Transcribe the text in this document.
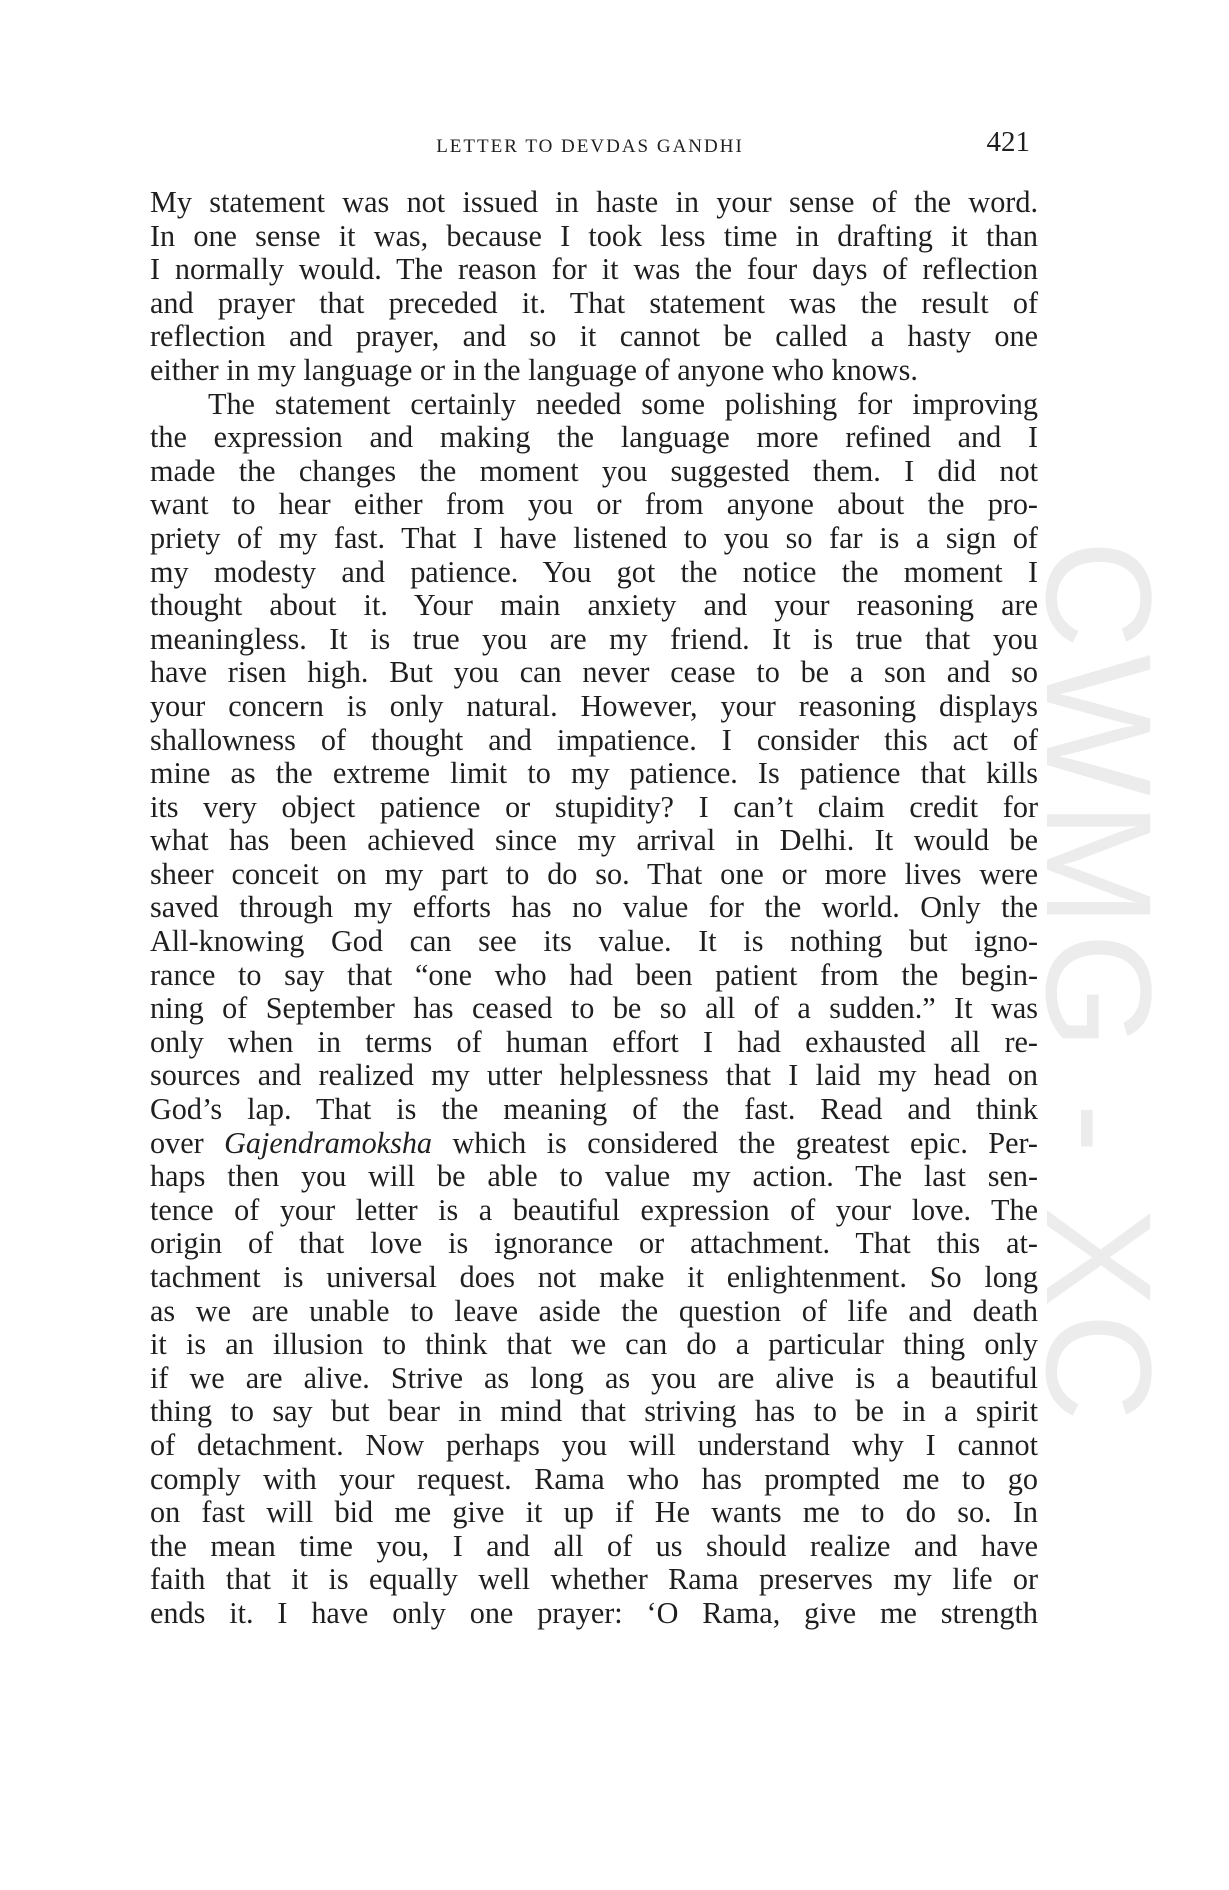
LETTER TO DEVDAS GANDHI	421
CWMG - XC
My statement was not issued in haste in your sense of the word.
In one sense it was, because I took less time in drafting it than
I normally would. The reason for it was the four days of reflection
and prayer that preceded it. That statement was the result of
reflection and prayer, and so it cannot be called a hasty one
either in my language or in the language of anyone who knows.
The statement certainly needed some polishing for improving
the expression and making the language more refined and I
made the changes the moment you suggested them. I did not
want to hear either from you or from anyone about the pro-
priety of my fast. That I have listened to you so far is a sign of
my modesty and patience. You got the notice the moment I
thought about it. Your main anxiety and your reasoning are
meaningless. It is true you are my friend. It is true that you
have risen high. But you can never cease to be a son and so
your concern is only natural. However, your reasoning displays
shallowness of thought and impatience. I consider this act of
mine as the extreme limit to my patience. Is patience that kills
its very object patience or stupidity? I can’t claim credit for
what has been achieved since my arrival in Delhi. It would be
sheer conceit on my part to do so. That one or more lives were
saved through my efforts has no value for the world. Only the
All-knowing God can see its value. It is nothing but igno-
rance to say that “one who had been patient from the begin-
ning of September has ceased to be so all of a sudden.” It was
only when in terms of human effort I had exhausted all re-
sources and realized my utter helplessness that I laid my head on
God’s lap. That is the meaning of the fast. Read and think
over Gajendramoksha which is considered the greatest epic. Per-
haps then you will be able to value my action. The last sen-
tence of your letter is a beautiful expression of your love. The
origin of that love is ignorance or attachment. That this at-
tachment is universal does not make it enlightenment. So long
as we are unable to leave aside the question of life and death
it is an illusion to think that we can do a particular thing only
if we are alive. Strive as long as you are alive is a beautiful
thing to say but bear in mind that striving has to be in a spirit
of detachment. Now perhaps you will understand why I cannot
comply with your request. Rama who has prompted me to go
on fast will bid me give it up if He wants me to do so. In
the mean time you, I and all of us should realize and have
faith that it is equally well whether Rama preserves my life or
ends it. I have only one prayer: ‘O Rama, give me strength
